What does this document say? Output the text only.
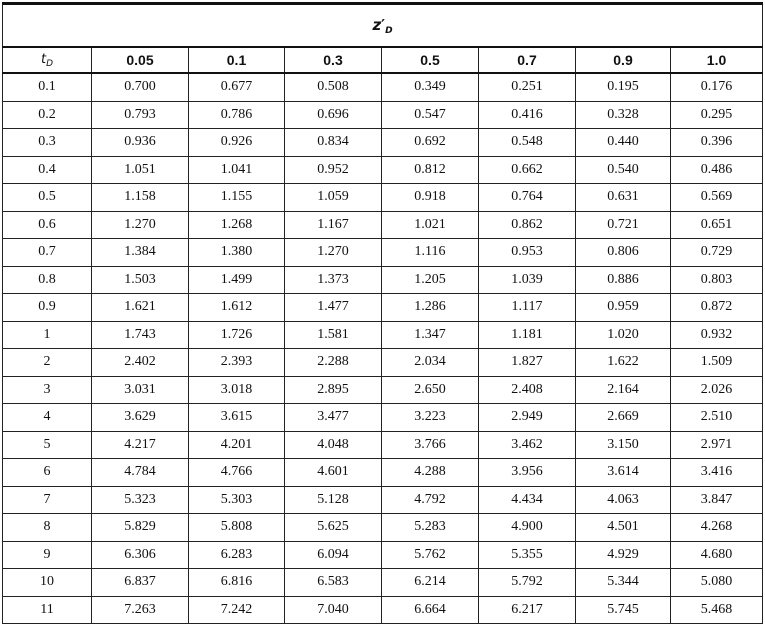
$z'_D$
$t_D$	0.05	0.1	0.3	0.5	0.7	0.9	1.0
0.1	0.700	0.677	0.508	0.349	0.251	0.195	0.176
0.2	0.793	0.786	0.696	0.547	0.416	0.328	0.295
0.3	0.936	0.926	0.834	0.692	0.548	0.440	0.396
0.4	1.051	1.041	0.952	0.812	0.662	0.540	0.486
0.5	1.158	1.155	1.059	0.918	0.764	0.631	0.569
0.6	1.270	1.268	1.167	1.021	0.862	0.721	0.651
0.7	1.384	1.380	1.270	1.116	0.953	0.806	0.729
0.8	1.503	1.499	1.373	1.205	1.039	0.886	0.803
0.9	1.621	1.612	1.477	1.286	1.117	0.959	0.872
1	1.743	1.726	1.581	1.347	1.181	1.020	0.932
2	2.402	2.393	2.288	2.034	1.827	1.622	1.509
3	3.031	3.018	2.895	2.650	2.408	2.164	2.026
4	3.629	3.615	3.477	3.223	2.949	2.669	2.510
5	4.217	4.201	4.048	3.766	3.462	3.150	2.971
6	4.784	4.766	4.601	4.288	3.956	3.614	3.416
7	5.323	5.303	5.128	4.792	4.434	4.063	3.847
8	5.829	5.808	5.625	5.283	4.900	4.501	4.268
9	6.306	6.283	6.094	5.762	5.355	4.929	4.680
10	6.837	6.816	6.583	6.214	5.792	5.344	5.080
11	7.263	7.242	7.040	6.664	6.217	5.745	5.468
